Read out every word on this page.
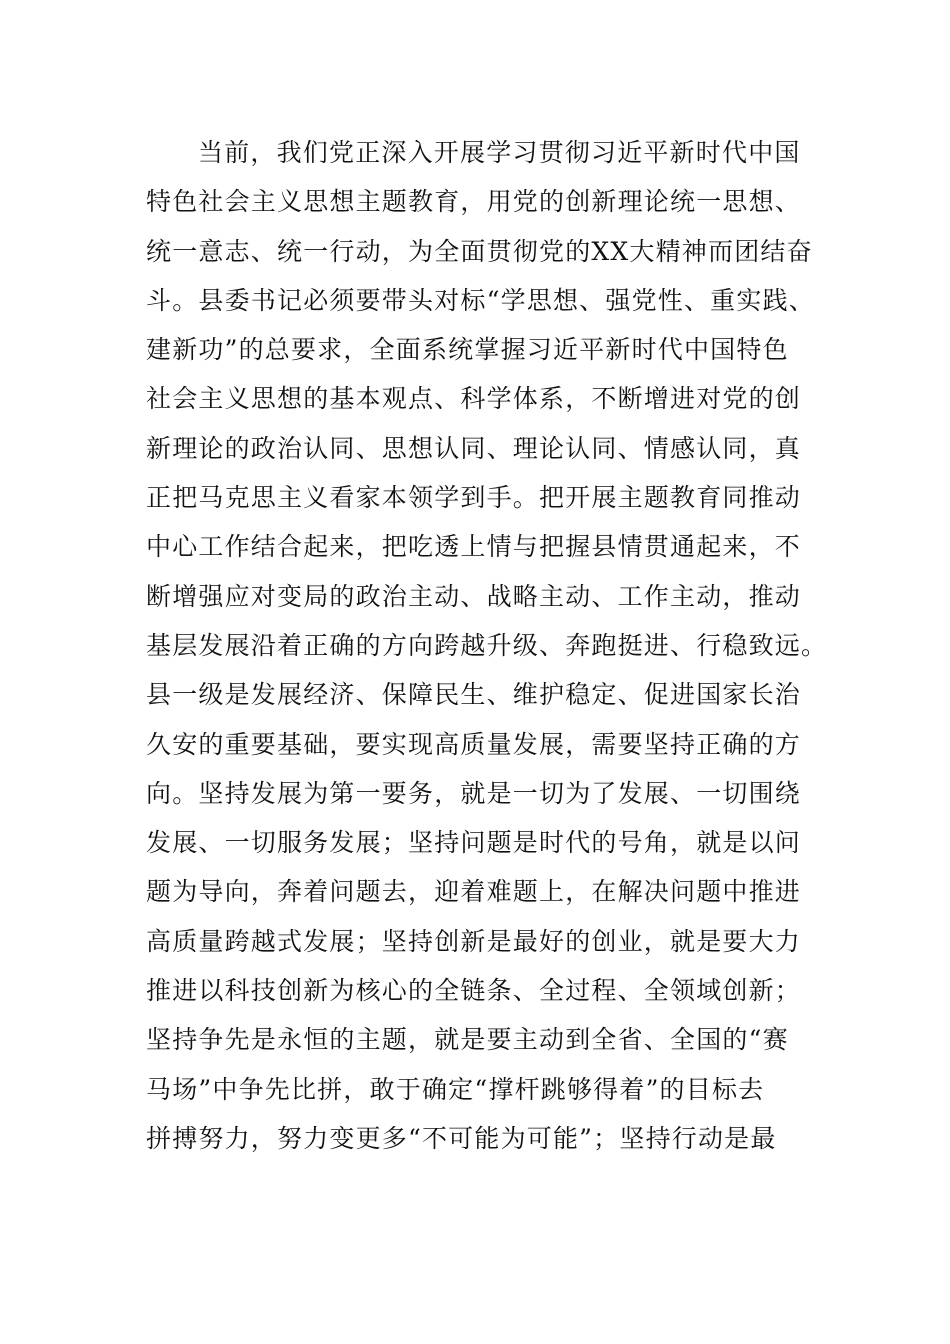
当前，我们党正深入开展学习贯彻习近平新时代中国
特色社会主义思想主题教育，用党的创新理论统一思想、
统一意志、统一行动，为全面贯彻党的XX大精神而团结奋
斗。县委书记必须要带头对标“学思想、强党性、重实践、
建新功”的总要求，全面系统掌握习近平新时代中国特色
社会主义思想的基本观点、科学体系，不断增进对党的创
新理论的政治认同、思想认同、理论认同、情感认同，真
正把马克思主义看家本领学到手。把开展主题教育同推动
中心工作结合起来，把吃透上情与把握县情贯通起来，不
断增强应对变局的政治主动、战略主动、工作主动，推动
基层发展沿着正确的方向跨越升级、奔跑挺进、行稳致远。
县一级是发展经济、保障民生、维护稳定、促进国家长治
久安的重要基础，要实现高质量发展，需要坚持正确的方
向。坚持发展为第一要务，就是一切为了发展、一切围绕
发展、一切服务发展；坚持问题是时代的号角，就是以问
题为导向，奔着问题去，迎着难题上，在解决问题中推进
高质量跨越式发展；坚持创新是最好的创业，就是要大力
推进以科技创新为核心的全链条、全过程、全领域创新；
坚持争先是永恒的主题，就是要主动到全省、全国的“赛
马场”中争先比拼，敢于确定“撑杆跳够得着”的目标去
拼搏努力，努力变更多“不可能为可能”；坚持行动是最
